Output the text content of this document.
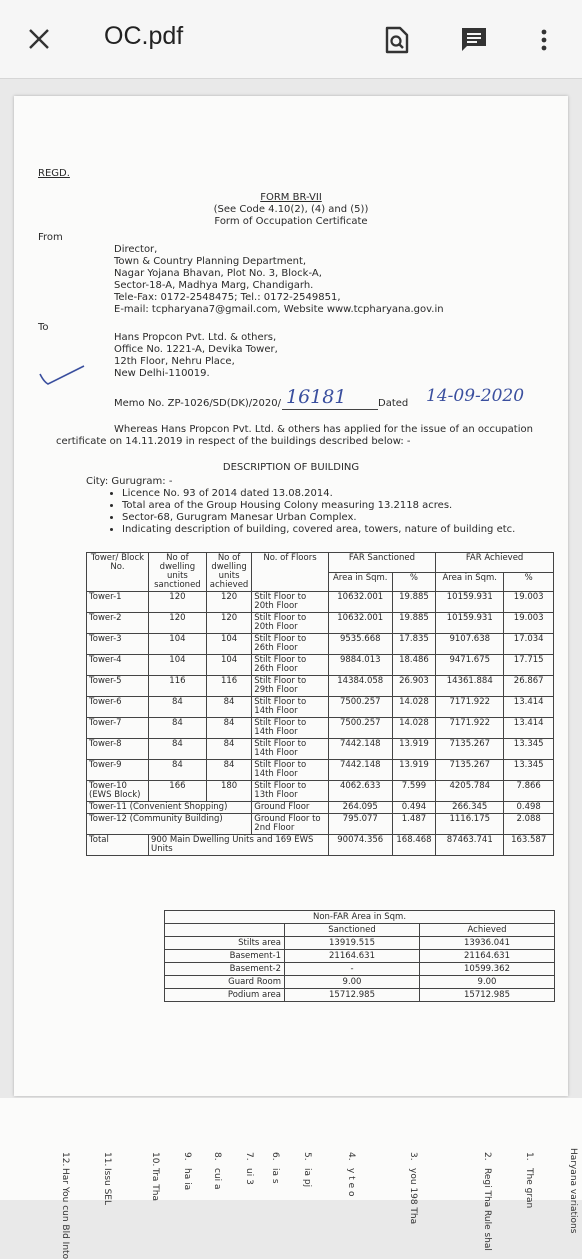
OC.pdf
REGD.
FORM BR-VII
(See Code 4.10(2), (4) and (5))
Form of Occupation Certificate
From
Director,
Town & Country Planning Department,
Nagar Yojana Bhavan, Plot No. 3, Block-A,
Sector-18-A, Madhya Marg, Chandigarh.
Tele-Fax: 0172-2548475; Tel.: 0172-2549851,
E-mail: tcpharyana7@gmail.com, Website www.tcpharyana.gov.in
To
Hans Propcon Pvt. Ltd. & others,
Office No. 1221-A, Devika Tower,
12th Floor, Nehru Place,
New Delhi-110019.
Memo No. ZP-1026/SD(DK)/2020/ 16181	Dated 14-09-2020
Whereas Hans Propcon Pvt. Ltd. & others has applied for the issue of an occupation
certificate on 14.11.2019 in respect of the buildings described below: -
DESCRIPTION OF BUILDING
City: Gurugram: -
• Licence No. 93 of 2014 dated 13.08.2014.
• Total area of the Group Housing Colony measuring 13.2118 acres.
• Sector-68, Gurugram Manesar Urban Complex.
• Indicating description of building, covered area, towers, nature of building etc.
Tower/ Block No.	No of dwelling units sanctioned	No of dwelling units achieved	No. of Floors	FAR Sanctioned		FAR Achieved	
				Area in Sqm.	%	Area in Sqm.	%
Tower-1	120	120	Stilt Floor to 20th Floor	10632.001	19.885	10159.931	19.003
Tower-2	120	120	Stilt Floor to 20th Floor	10632.001	19.885	10159.931	19.003
Tower-3	104	104	Stilt Floor to 26th Floor	9535.668	17.835	9107.638	17.034
Tower-4	104	104	Stilt Floor to 26th Floor	9884.013	18.486	9471.675	17.715
Tower-5	116	116	Stilt Floor to 29th Floor	14384.058	26.903	14361.884	26.867
Tower-6	84	84	Stilt Floor to 14th Floor	7500.257	14.028	7171.922	13.414
Tower-7	84	84	Stilt Floor to 14th Floor	7500.257	14.028	7171.922	13.414
Tower-8	84	84	Stilt Floor to 14th Floor	7442.148	13.919	7135.267	13.345
Tower-9	84	84	Stilt Floor to 14th Floor	7442.148	13.919	7135.267	13.345
Tower-10 (EWS Block)	166	180	Stilt Floor to 13th Floor	4062.633	7.599	4205.784	7.866
Tower-11 (Convenient Shopping)			Ground Floor	264.095	0.494	266.345	0.498
Tower-12 (Community Building)			Ground Floor to 2nd Floor	795.077	1.487	1116.175	2.088
Total	900 Main Dwelling Units and 169 EWS Units			90074.356	168.468	87463.741	163.587
Non-FAR Area in Sqm.		
	Sanctioned	Achieved
Stilts area	13919.515	13936.041
Basement-1	21164.631	21164.631
Basement-2	-	10599.362
Guard Room	9.00	9.00
Podium area	15712.985	15712.985
Haryana variations
1.
The gran
2.
Regi Tha Rule shal
3.
you 198 Tha
4.
y t e o
5.
ia pj
6.
ia s
7.
ui 3
8.
cui a
9.
ha ia
10.
Tra Tha
11.
Issu SEL
12.
Har You cun Bld Into
